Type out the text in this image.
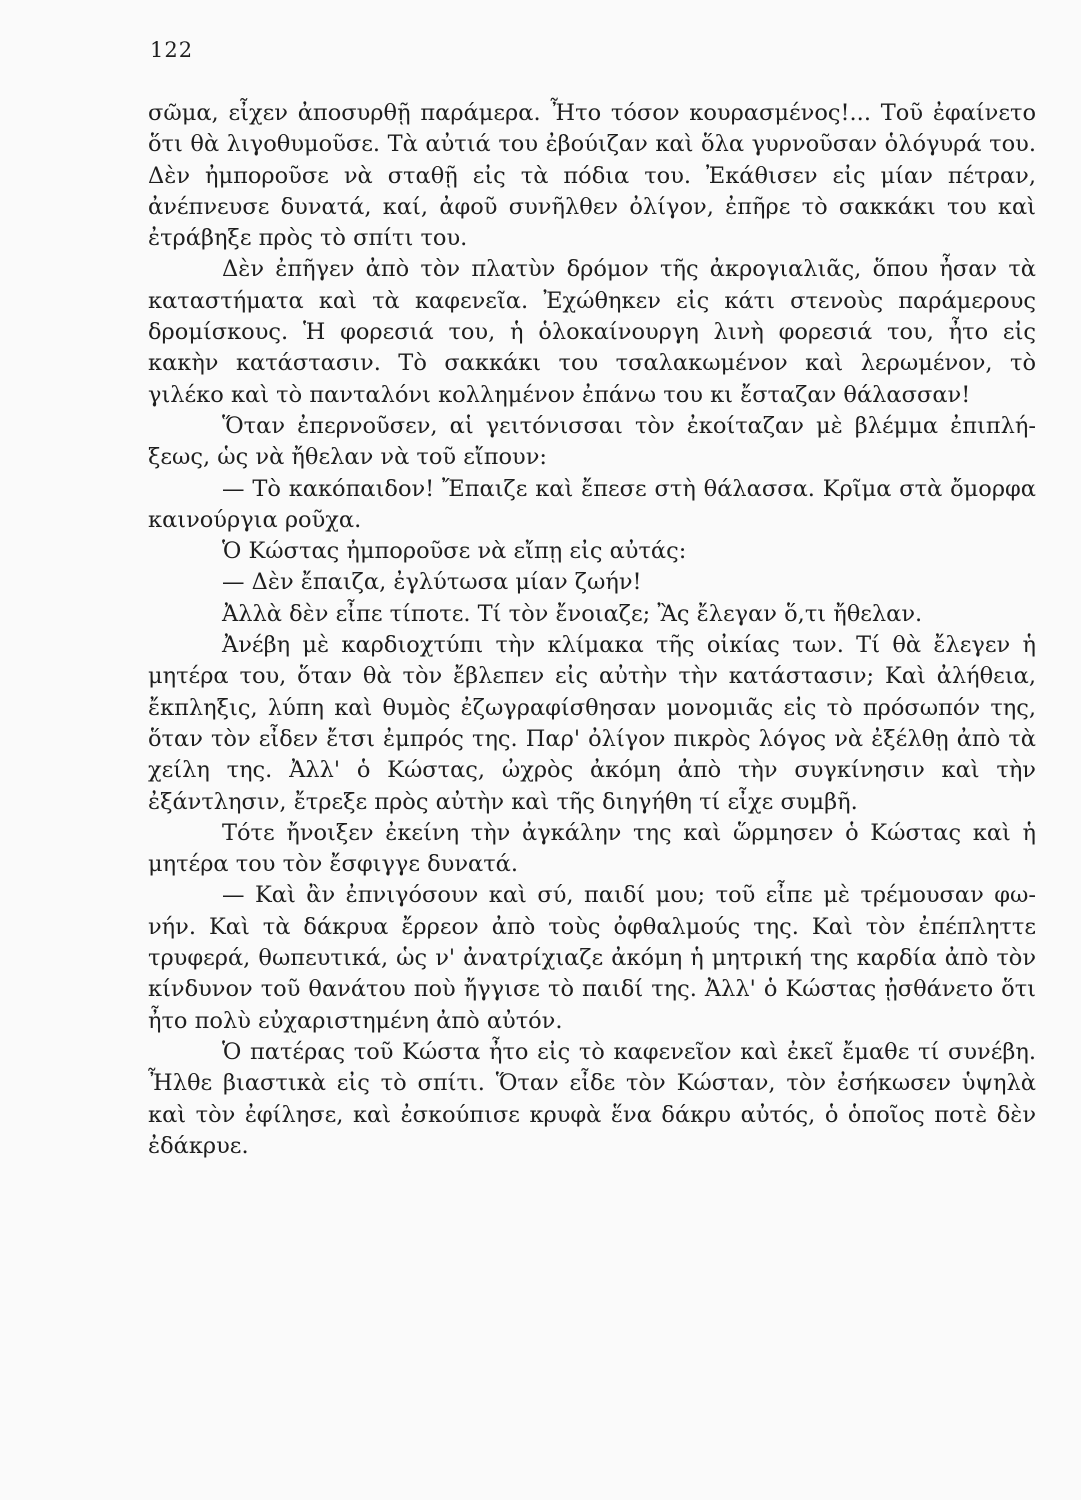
122

σῶμα, εἶχεν ἀποσυρθῇ παράμερα. Ἦτο τόσον κουρασμένος!... Τοῦ ἐφαίνετο ὅτι θὰ λιγοθυμοῦσε. Τὰ αὐτιά του ἐβούιζαν καὶ ὅλα γυρνοῦσαν ὁλόγυρά του. Δὲν ἠμποροῦσε νὰ σταθῇ εἰς τὰ πόδια του. Ἐκάθισεν εἰς μίαν πέτραν, ἀνέπνευσε δυνατά, καί, ἀφοῦ συνῆλθεν ὀλίγον, ἐπῆρε τὸ σακκάκι του καὶ ἐτράβηξε πρὸς τὸ σπίτι του.

Δὲν ἐπῆγεν ἀπὸ τὸν πλατὺν δρόμον τῆς ἀκρογιαλιᾶς, ὅπου ἦσαν τὰ καταστήματα καὶ τὰ καφενεῖα. Ἐχώθηκεν εἰς κάτι στενοὺς παράμερους δρομίσκους. Ἡ φορεσιά του, ἡ ὁλοκαίνουργη λινὴ φορεσιά του, ἦτο εἰς κακὴν κατάστασιν. Τὸ σακκάκι του τσαλακωμένον καὶ λερωμένον, τὸ γιλέκο καὶ τὸ πανταλόνι κολλημένον ἐπάνω του κι ἔσταζαν θάλασσαν!

Ὅταν ἐπερνοῦσεν, αἱ γειτόνισσαι τὸν ἐκοίταζαν μὲ βλέμμα ἐπιπλήξεως, ὡς νὰ ἤθελαν νὰ τοῦ εἴπουν:

— Τὸ κακόπαιδον! Ἔπαιζε καὶ ἔπεσε στὴ θάλασσα. Κρῖμα στὰ ὄμορφα καινούργια ροῦχα.

Ὁ Κώστας ἠμποροῦσε νὰ εἴπῃ εἰς αὐτάς:

— Δὲν ἔπαιζα, ἐγλύτωσα μίαν ζωήν!

Ἀλλὰ δὲν εἶπε τίποτε. Τί τὸν ἔνοιαζε; Ἂς ἔλεγαν ὅ,τι ἤθελαν.

Ἀνέβη μὲ καρδιοχτύπι τὴν κλίμακα τῆς οἰκίας των. Τί θὰ ἔλεγεν ἡ μητέρα του, ὅταν θὰ τὸν ἔβλεπεν εἰς αὐτὴν τὴν κατάστασιν; Καὶ ἀλήθεια, ἔκπληξις, λύπη καὶ θυμὸς ἐζωγραφίσθησαν μονομιᾶς εἰς τὸ πρόσωπόν της, ὅταν τὸν εἶδεν ἔτσι ἐμπρός της. Παρ' ὀλίγον πικρὸς λόγος νὰ ἐξέλθῃ ἀπὸ τὰ χείλη της. Ἀλλ' ὁ Κώστας, ὠχρὸς ἀκόμη ἀπὸ τὴν συγκίνησιν καὶ τὴν ἐξάντλησιν, ἔτρεξε πρὸς αὐτὴν καὶ τῆς διηγήθη τί εἶχε συμβῆ.

Τότε ἤνοιξεν ἐκείνη τὴν ἀγκάλην της καὶ ὥρμησεν ὁ Κώστας καὶ ἡ μητέρα του τὸν ἔσφιγγε δυνατά.

— Καὶ ἂν ἐπνιγόσουν καὶ σύ, παιδί μου; τοῦ εἶπε μὲ τρέμουσαν φωνήν. Καὶ τὰ δάκρυα ἔρρεον ἀπὸ τοὺς ὀφθαλμούς της. Καὶ τὸν ἐπέπληττε τρυφερά, θωπευτικά, ὡς ν' ἀνατρίχιαζε ἀκόμη ἡ μητρική της καρδία ἀπὸ τὸν κίνδυνον τοῦ θανάτου ποὺ ἤγγισε τὸ παιδί της. Ἀλλ' ὁ Κώστας ᾐσθάνετο ὅτι ἦτο πολὺ εὐχαριστημένη ἀπὸ αὐτόν.

Ὁ πατέρας τοῦ Κώστα ἦτο εἰς τὸ καφενεῖον καὶ ἐκεῖ ἔμαθε τί συνέβη. Ἦλθε βιαστικὰ εἰς τὸ σπίτι. Ὅταν εἶδε τὸν Κώσταν, τὸν ἐσήκωσεν ὑψηλὰ καὶ τὸν ἐφίλησε, καὶ ἐσκούπισε κρυφὰ ἕνα δάκρυ αὐτός, ὁ ὁποῖος ποτὲ δὲν ἐδάκρυε.
